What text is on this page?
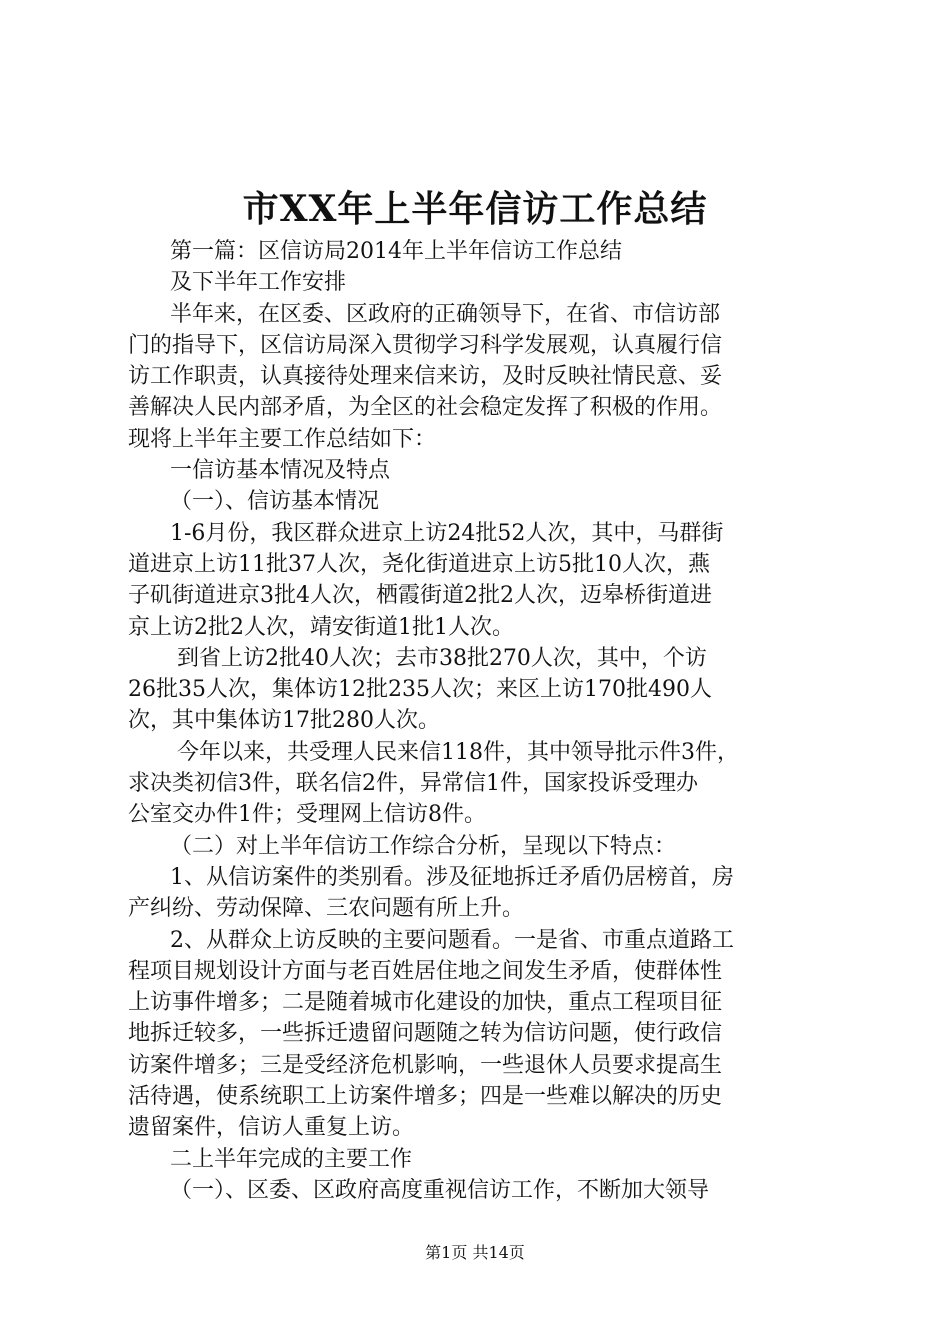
市XX年上半年信访工作总结
第一篇：区信访局2014年上半年信访工作总结
及下半年工作安排
半年来，在区委、区政府的正确领导下，在省、市信访部
门的指导下，区信访局深入贯彻学习科学发展观，认真履行信
访工作职责，认真接待处理来信来访，及时反映社情民意、妥
善解决人民内部矛盾，为全区的社会稳定发挥了积极的作用。
现将上半年主要工作总结如下：
一信访基本情况及特点
（一）、信访基本情况
1-6月份，我区群众进京上访24批52人次，其中，马群街
道进京上访11批37人次，尧化街道进京上访5批10人次，燕
子矶街道进京3批4人次，栖霞街道2批2人次，迈皋桥街道进
京上访2批2人次，靖安街道1批1人次。
到省上访2批40人次；去市38批270人次，其中，个访
26批35人次，集体访12批235人次；来区上访170批490人
次，其中集体访17批280人次。
今年以来，共受理人民来信118件，其中领导批示件3件，
求决类初信3件，联名信2件，异常信1件，国家投诉受理办
公室交办件1件；受理网上信访8件。
（二）对上半年信访工作综合分析，呈现以下特点：
1、从信访案件的类别看。涉及征地拆迁矛盾仍居榜首，房
产纠纷、劳动保障、三农问题有所上升。
2、从群众上访反映的主要问题看。一是省、市重点道路工
程项目规划设计方面与老百姓居住地之间发生矛盾，使群体性
上访事件增多；二是随着城市化建设的加快，重点工程项目征
地拆迁较多，一些拆迁遗留问题随之转为信访问题，使行政信
访案件增多；三是受经济危机影响，一些退休人员要求提高生
活待遇，使系统职工上访案件增多；四是一些难以解决的历史
遗留案件，信访人重复上访。
二上半年完成的主要工作
（一）、区委、区政府高度重视信访工作，不断加大领导
第1页 共14页
